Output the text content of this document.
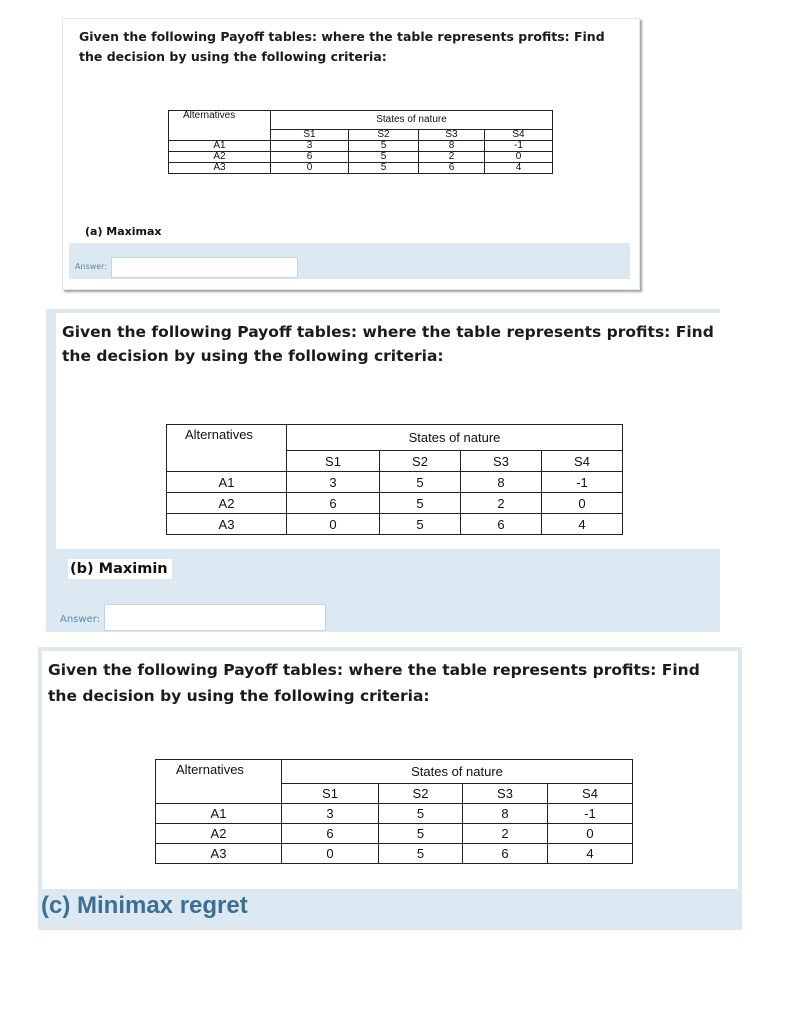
Given the following Payoff tables: where the table represents profits: Find the decision by using the following criteria:
Alternatives	States of nature			
	S1	S2	S3	S4
A1	3	5	8	-1
A2	6	5	2	0
A3	0	5	6	4
(a) Maximax
Answer:
Given the following Payoff tables: where the table represents profits: Find the decision by using the following criteria:
Alternatives	States of nature			
	S1	S2	S3	S4
A1	3	5	8	-1
A2	6	5	2	0
A3	0	5	6	4
(b) Maximin
Answer:
Given the following Payoff tables: where the table represents profits: Find the decision by using the following criteria:
Alternatives	States of nature			
	S1	S2	S3	S4
A1	3	5	8	-1
A2	6	5	2	0
A3	0	5	6	4
(c) Minimax regret
